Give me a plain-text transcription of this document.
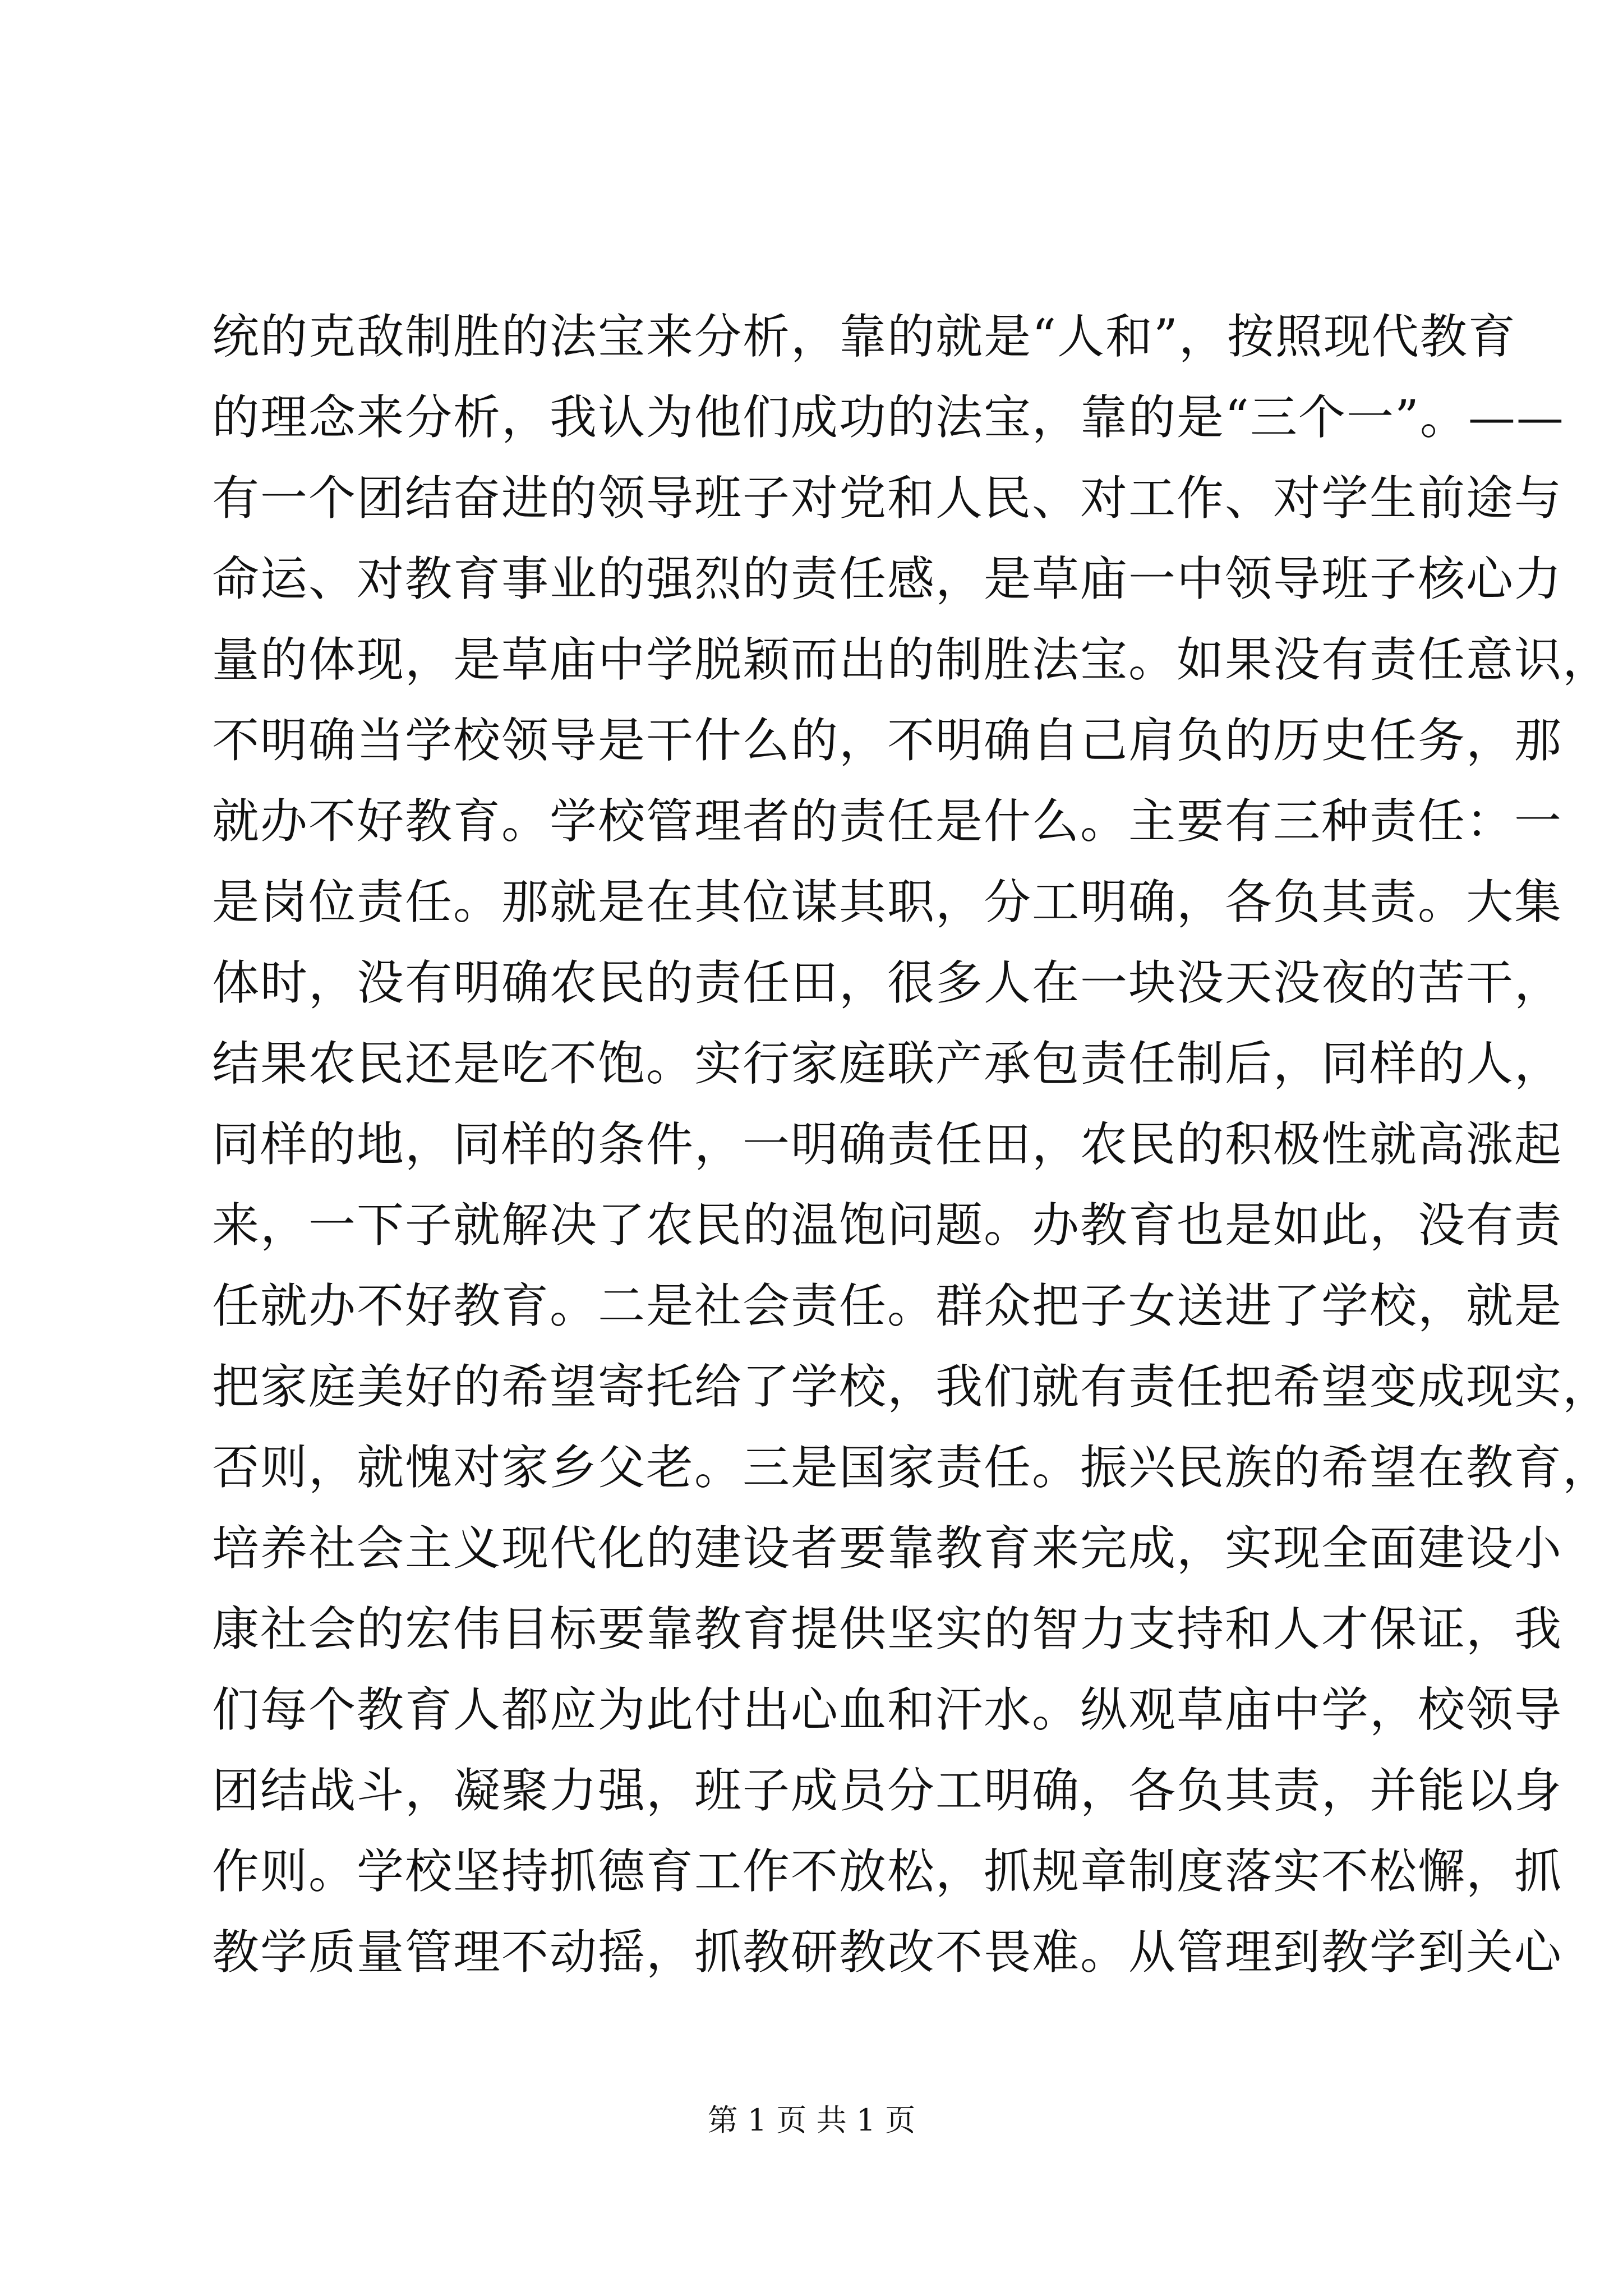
统的克敌制胜的法宝来分析，靠的就是“人和”，按照现代教育
的理念来分析，我认为他们成功的法宝，靠的是“三个一”。——
有一个团结奋进的领导班子对党和人民、对工作、对学生前途与
命运、对教育事业的强烈的责任感，是草庙一中领导班子核心力
量的体现，是草庙中学脱颖而出的制胜法宝。如果没有责任意识，
不明确当学校领导是干什么的，不明确自己肩负的历史任务，那
就办不好教育。学校管理者的责任是什么。主要有三种责任：一
是岗位责任。那就是在其位谋其职，分工明确，各负其责。大集
体时，没有明确农民的责任田，很多人在一块没天没夜的苦干，
结果农民还是吃不饱。实行家庭联产承包责任制后，同样的人，
同样的地，同样的条件，一明确责任田，农民的积极性就高涨起
来，一下子就解决了农民的温饱问题。办教育也是如此，没有责
任就办不好教育。二是社会责任。群众把子女送进了学校，就是
把家庭美好的希望寄托给了学校，我们就有责任把希望变成现实，
否则，就愧对家乡父老。三是国家责任。振兴民族的希望在教育，
培养社会主义现代化的建设者要靠教育来完成，实现全面建设小
康社会的宏伟目标要靠教育提供坚实的智力支持和人才保证，我
们每个教育人都应为此付出心血和汗水。纵观草庙中学，校领导
团结战斗，凝聚力强，班子成员分工明确，各负其责，并能以身
作则。学校坚持抓德育工作不放松，抓规章制度落实不松懈，抓
教学质量管理不动摇，抓教研教改不畏难。从管理到教学到关心
第 1 页 共 1 页
